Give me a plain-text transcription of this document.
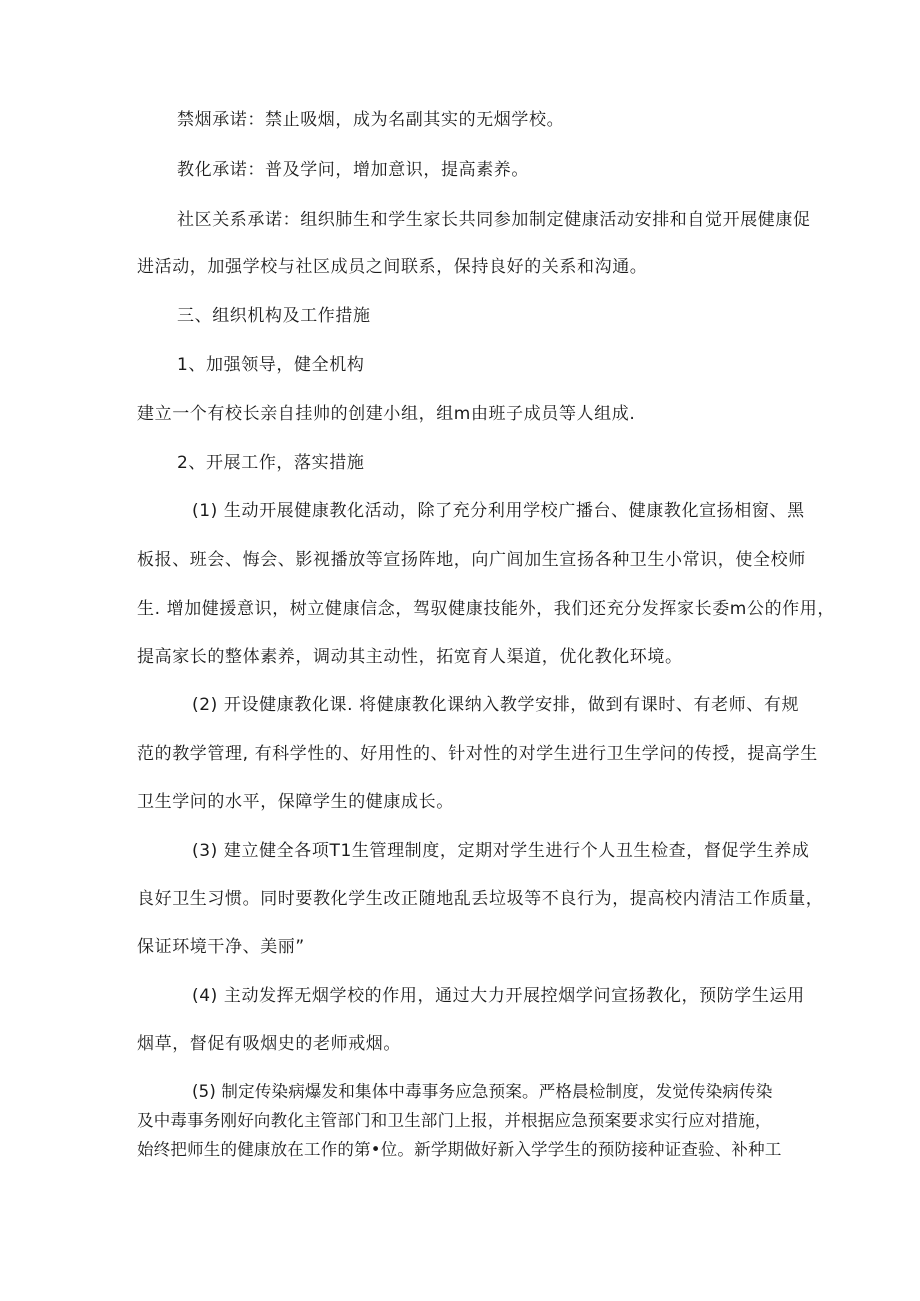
禁烟承诺：禁止吸烟，成为名副其实的无烟学校。
教化承诺：普及学问，增加意识，提高素养。
社区关系承诺：组织肺生和学生家长共同参加制定健康活动安排和自觉开展健康促
进活动，加强学校与社区成员之间联系，保持良好的关系和沟通。
三、组织机构及工作措施
1、加强领导，健全机构
建立一个有校长亲自挂帅的创建小组，组m由班子成员等人组成.
2、开展工作，落实措施
(1) 生动开展健康教化活动，除了充分利用学校广播台、健康教化宣扬相窗、黑
板报、班会、悔会、影视播放等宣扬阵地，向广闾加生宣扬各种卫生小常识，使全校师
生. 增加健援意识，树立健康信念，驾驭健康技能外，我们还充分发挥家长委m公的作用，
提高家长的整体素养，调动其主动性，拓宽育人渠道，优化教化环境。
(2) 开设健康教化课. 将健康教化课纳入教学安排，做到有课时、有老师、有规
范的教学管理, 有科学性的、好用性的、针对性的对学生进行卫生学问的传授，提高学生
卫生学问的水平，保障学生的健康成长。
(3) 建立健全各项T1生管理制度，定期对学生进行个人丑生检查，督促学生养成
良好卫生习惯。同时要教化学生改正随地乱丢垃圾等不良行为，提高校内清洁工作质量，
保证环境干净、美丽”
(4) 主动发挥无烟学校的作用，通过大力开展控烟学问宣扬教化，预防学生运用
烟草，督促有吸烟史的老师戒烟。
(5) 制定传染病爆发和集体中毒事务应急预案。严格晨检制度，发觉传染病传染
及中毒事务刚好向教化主管部门和卫生部门上报，并根据应急预案要求实行应对措施，
始终把师生的健康放在工作的第•位。新学期做好新入学学生的预防接种证查验、补种工
